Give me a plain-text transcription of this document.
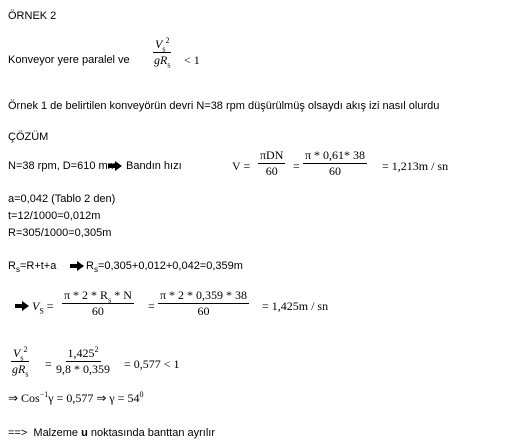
ÖRNEK 2
Konveyor yere paralel ve
$V_s^2$
$gR_s < 1$
Örnek 1 de belirtilen konveyörün devri N=38 rpm düşürülmüş olsaydı akış izi nasıl olurdu
ÇÖZÜM
N=38 rpm, D=610 mm Bandın hızı	V =
πDN
$60 = \frac{\pi * 0,61* 38}{60} = 1,213m$ / sn
a=0,042 (Tablo 2 den)
t=12/1000=0,012m
R=305/1000=0,305m
$R_s=R+t+a$	$R_s=0,305+0,012+0,042=0,359m$
$V_S = \frac{\pi * 2 * R_s * N}{60} = \frac{\pi * 2 * 0,359 * 38}{60} = 1,425m$ / sn
$V_s^2$
$gR_s$
= $\frac{1,425^2}{9,8 * 0,359} = 0,577 < 1$
⇒ Cos$^{-1}$γ = 0,577 ⇒ $\gamma = 54^0$
==> Malzeme u noktasında banttan ayrılır
